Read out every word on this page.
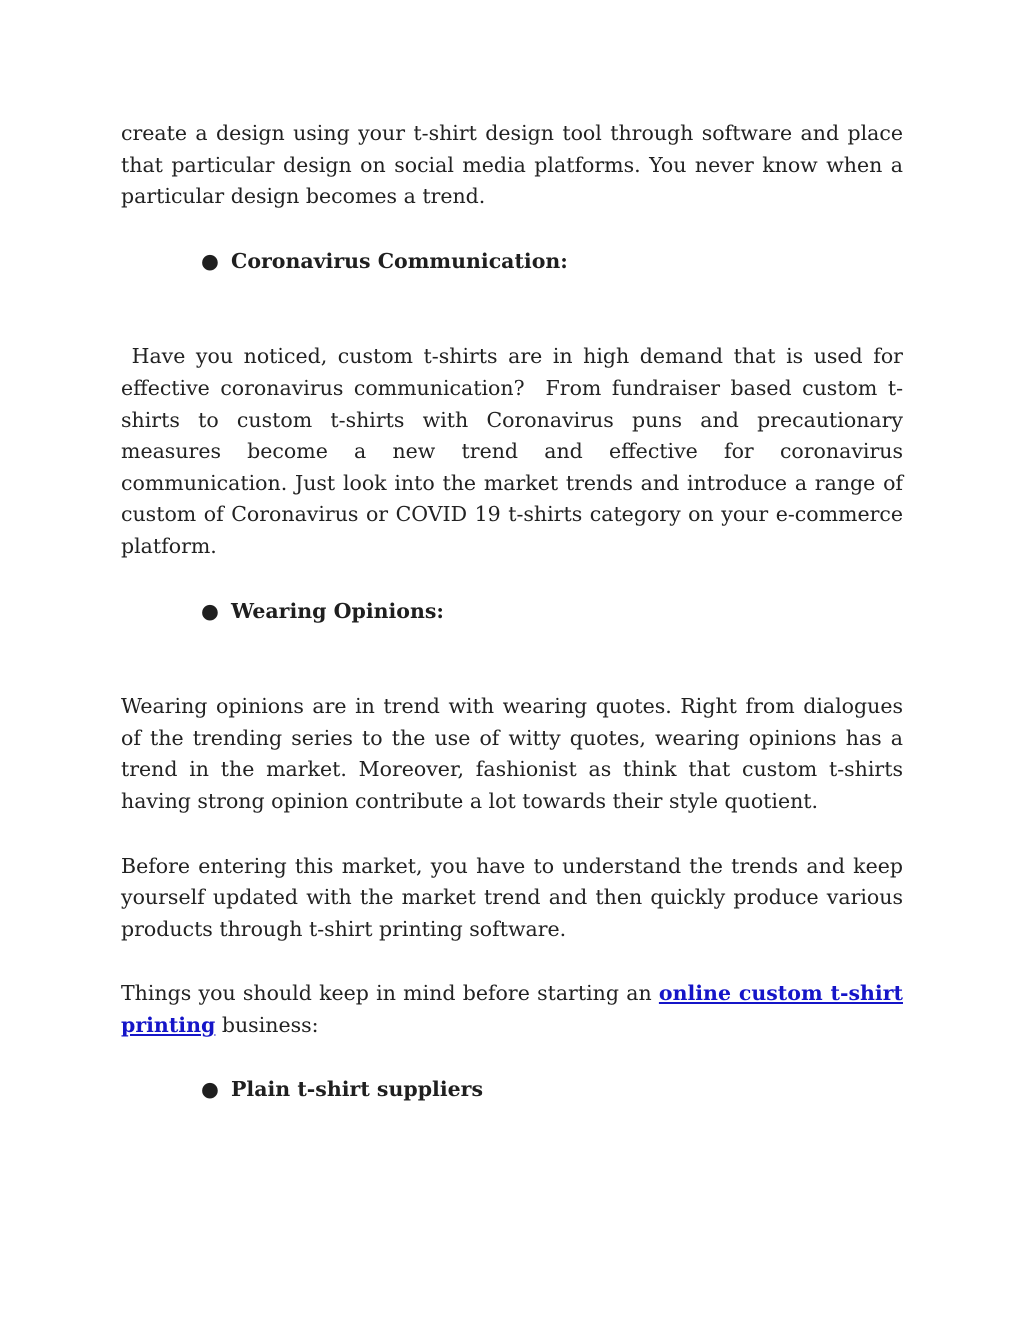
create a design using your t-shirt design tool through software and place that particular design on social media platforms. You never know when a particular design becomes a trend.

● Coronavirus Communication:

Have you noticed, custom t-shirts are in high demand that is used for effective coronavirus communication?  From fundraiser based custom t-shirts to custom t-shirts with Coronavirus puns and precautionary measures become a new trend and effective for coronavirus communication. Just look into the market trends and introduce a range of custom of Coronavirus or COVID 19 t-shirts category on your e-commerce platform.

● Wearing Opinions:

Wearing opinions are in trend with wearing quotes. Right from dialogues of the trending series to the use of witty quotes, wearing opinions has a trend in the market. Moreover, fashionist as think that custom t-shirts having strong opinion contribute a lot towards their style quotient.

Before entering this market, you have to understand the trends and keep yourself updated with the market trend and then quickly produce various products through t-shirt printing software.

Things you should keep in mind before starting an online custom t-shirt printing business:

● Plain t-shirt suppliers
